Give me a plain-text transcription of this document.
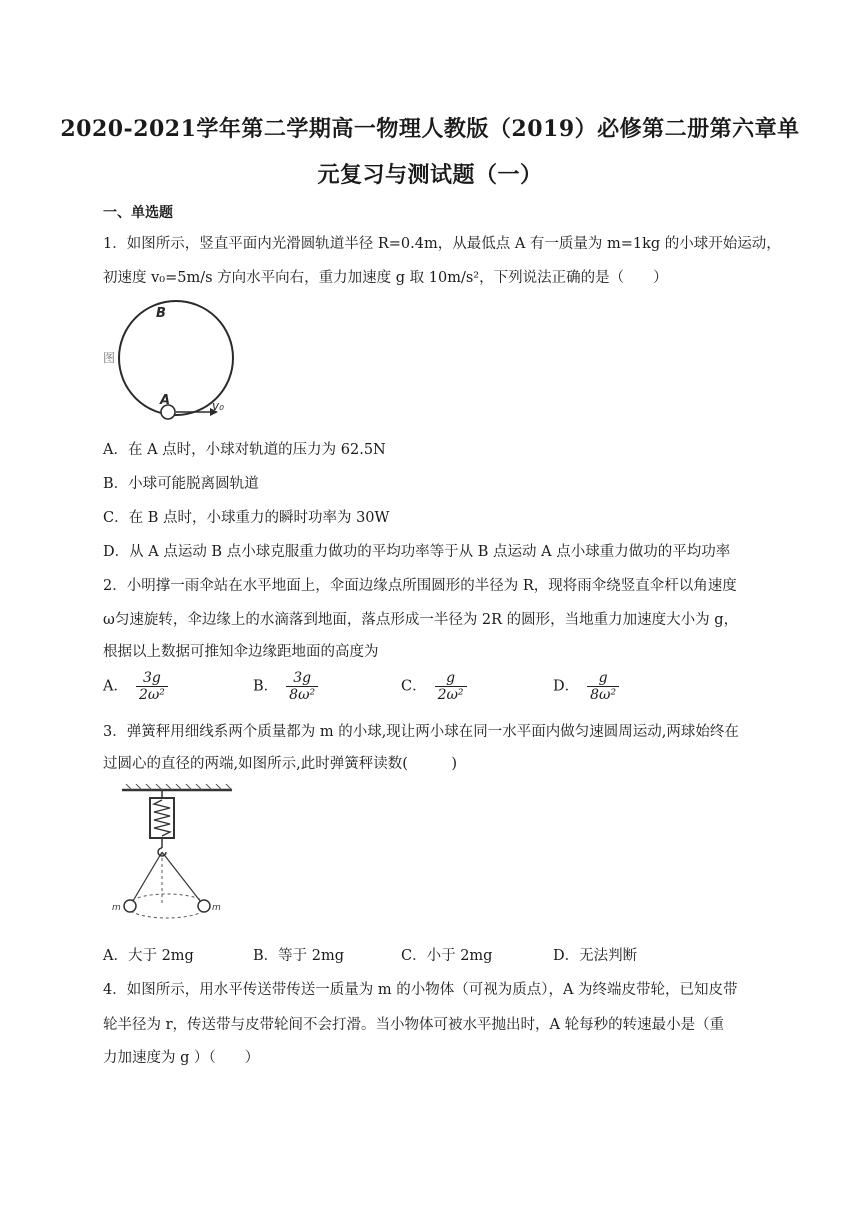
2020-2021学年第二学期高一物理人教版（2019）必修第二册第六章单
元复习与测试题（一）
一、单选题
1．如图所示，竖直平面内光滑圆轨道半径 R=0.4m，从最低点 A 有一质量为 m=1kg 的小球开始运动，
初速度 v₀=5m/s 方向水平向右，重力加速度 g 取 10m/s²，下列说法正确的是（　　）
图
B
A	v₀
A．在 A 点时，小球对轨道的压力为 62.5N
B．小球可能脱离圆轨道
C．在 B 点时，小球重力的瞬时功率为 30W
D．从 A 点运动 B 点小球克服重力做功的平均功率等于从 B 点运动 A 点小球重力做功的平均功率
2．小明撑一雨伞站在水平地面上，伞面边缘点所围圆形的半径为 R，现将雨伞绕竖直伞杆以角速度
ω匀速旋转，伞边缘上的水滴落到地面，落点形成一半径为 2R 的圆形，当地重力加速度大小为 g，
根据以上数据可推知伞边缘距地面的高度为
A． $\frac{3g}{\text{2ω²}}$	B． $\frac{3g}{\text{8ω²}}$	C． $\frac{g}{\text{2ω²}}$	D． $\frac{g}{\text{8ω²}}$
3．弹簧秤用细线系两个质量都为 m 的小球,现让两小球在同一水平面内做匀速圆周运动,两球始终在
过圆心的直径的两端,如图所示,此时弹簧秤读数(　　　)
m	m
A．大于 2mg	B．等于 2mg	C．小于 2mg	D．无法判断
4．如图所示，用水平传送带传送一质量为 m 的小物体（可视为质点），A 为终端皮带轮，已知皮带
轮半径为 r，传送带与皮带轮间不会打滑。当小物体可被水平抛出时，A 轮每秒的转速最小是（重
力加速度为 g ）（　　）
